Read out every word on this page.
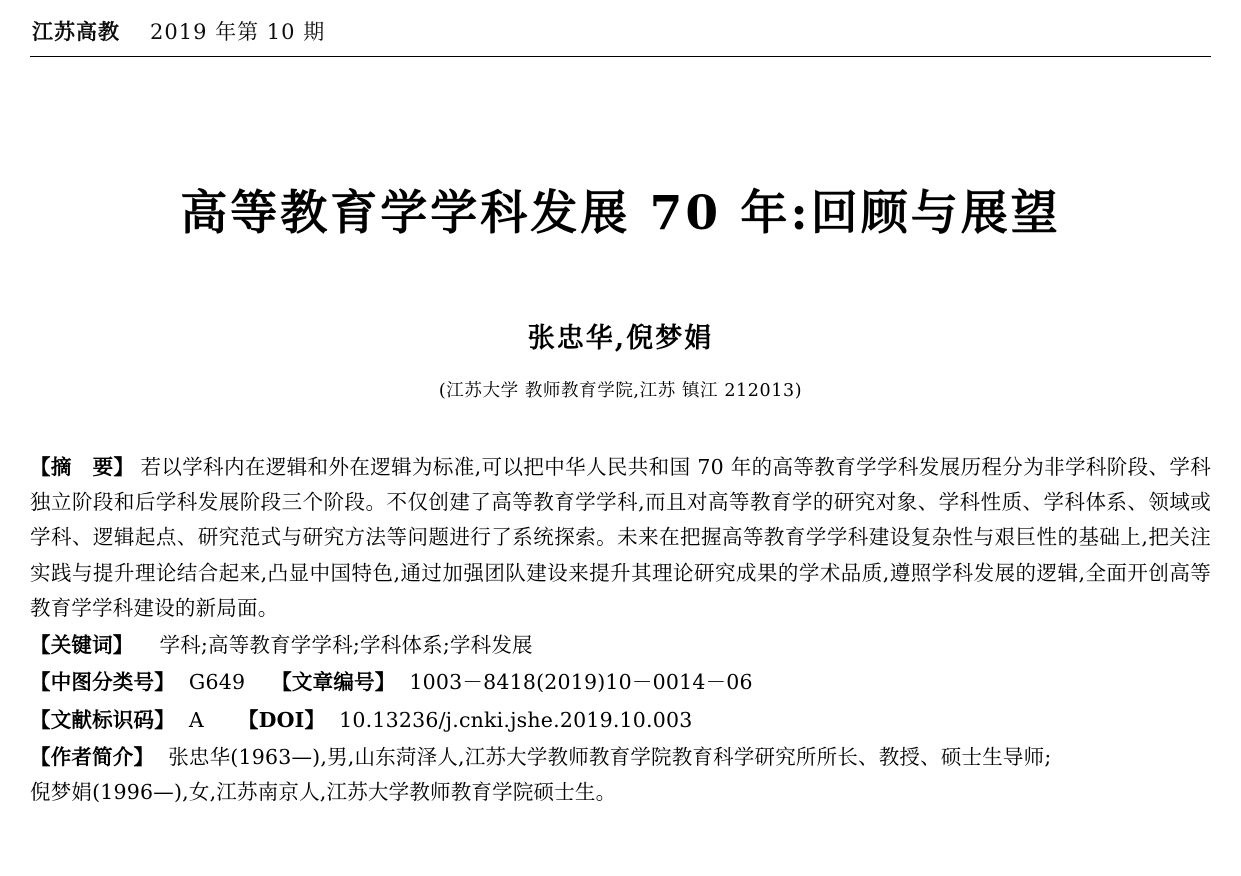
江苏高教 2019 年第 10 期
高等教育学学科发展 70 年:回顾与展望
张忠华,倪梦娟
(江苏大学 教师教育学院,江苏 镇江 212013)
【摘　要】 若以学科内在逻辑和外在逻辑为标准,可以把中华人民共和国 70 年的高等教育学学科发展历程分为非学科阶段、学科独立阶段和后学科发展阶段三个阶段。不仅创建了高等教育学学科,而且对高等教育学的研究对象、学科性质、学科体系、领域或学科、逻辑起点、研究范式与研究方法等问题进行了系统探索。未来在把握高等教育学学科建设复杂性与艰巨性的基础上,把关注实践与提升理论结合起来,凸显中国特色,通过加强团队建设来提升其理论研究成果的学术品质,遵照学科发展的逻辑,全面开创高等教育学学科建设的新局面。
【关键词】 学科;高等教育学学科;学科体系;学科发展
【中图分类号】 G649 【文章编号】 1003－8418(2019)10－0014－06
【文献标识码】 A 【DOI】 10.13236/j.cnki.jshe.2019.10.003
【作者简介】 张忠华(1963—),男,山东菏泽人,江苏大学教师教育学院教育科学研究所所长、教授、硕士生导师;
倪梦娟(1996—),女,江苏南京人,江苏大学教师教育学院硕士生。
